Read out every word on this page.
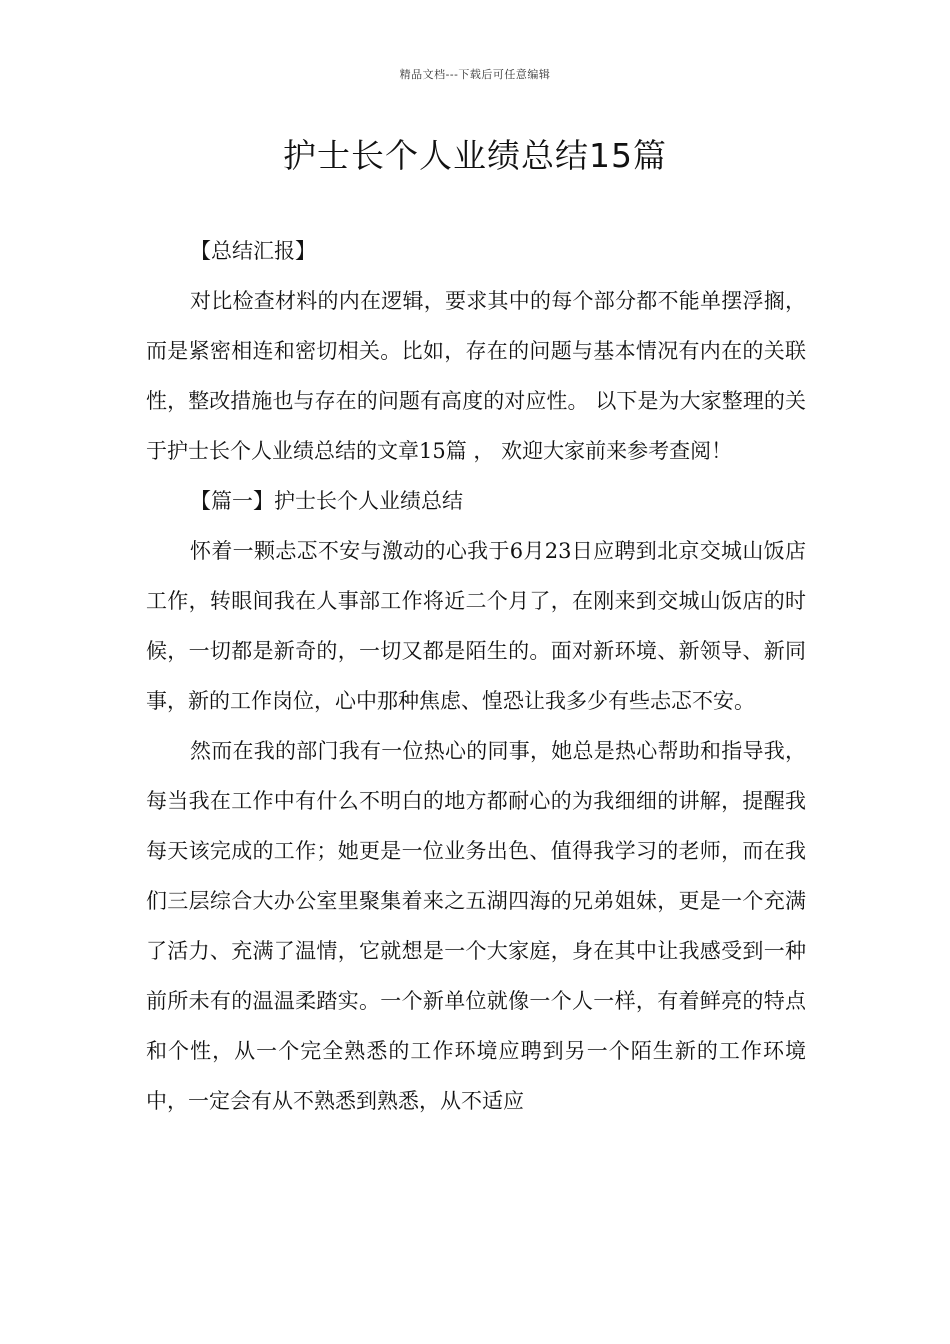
精品文档---下载后可任意编辑
护士长个人业绩总结15篇

【总结汇报】

对比检查材料的内在逻辑，要求其中的每个部分都不能单摆浮搁，而是紧密相连和密切相关。比如，存在的问题与基本情况有内在的关联性，整改措施也与存在的问题有高度的对应性。 以下是为大家整理的关于护士长个人业绩总结的文章15篇 ， 欢迎大家前来参考查阅！

【篇一】护士长个人业绩总结

怀着一颗忐忑不安与激动的心我于6月23日应聘到北京交城山饭店工作，转眼间我在人事部工作将近二个月了，在刚来到交城山饭店的时候，一切都是新奇的，一切又都是陌生的。面对新环境、新领导、新同事，新的工作岗位，心中那种焦虑、惶恐让我多少有些忐忑不安。

然而在我的部门我有一位热心的同事，她总是热心帮助和指导我，每当我在工作中有什么不明白的地方都耐心的为我细细的讲解，提醒我每天该完成的工作；她更是一位业务出色、值得我学习的老师，而在我们三层综合大办公室里聚集着来之五湖四海的兄弟姐妹，更是一个充满了活力、充满了温情，它就想是一个大家庭，身在其中让我感受到一种前所未有的温温柔踏实。一个新单位就像一个人一样，有着鲜亮的特点和个性，从一个完全熟悉的工作环境应聘到另一个陌生新的工作环境中，一定会有从不熟悉到熟悉，从不适应
